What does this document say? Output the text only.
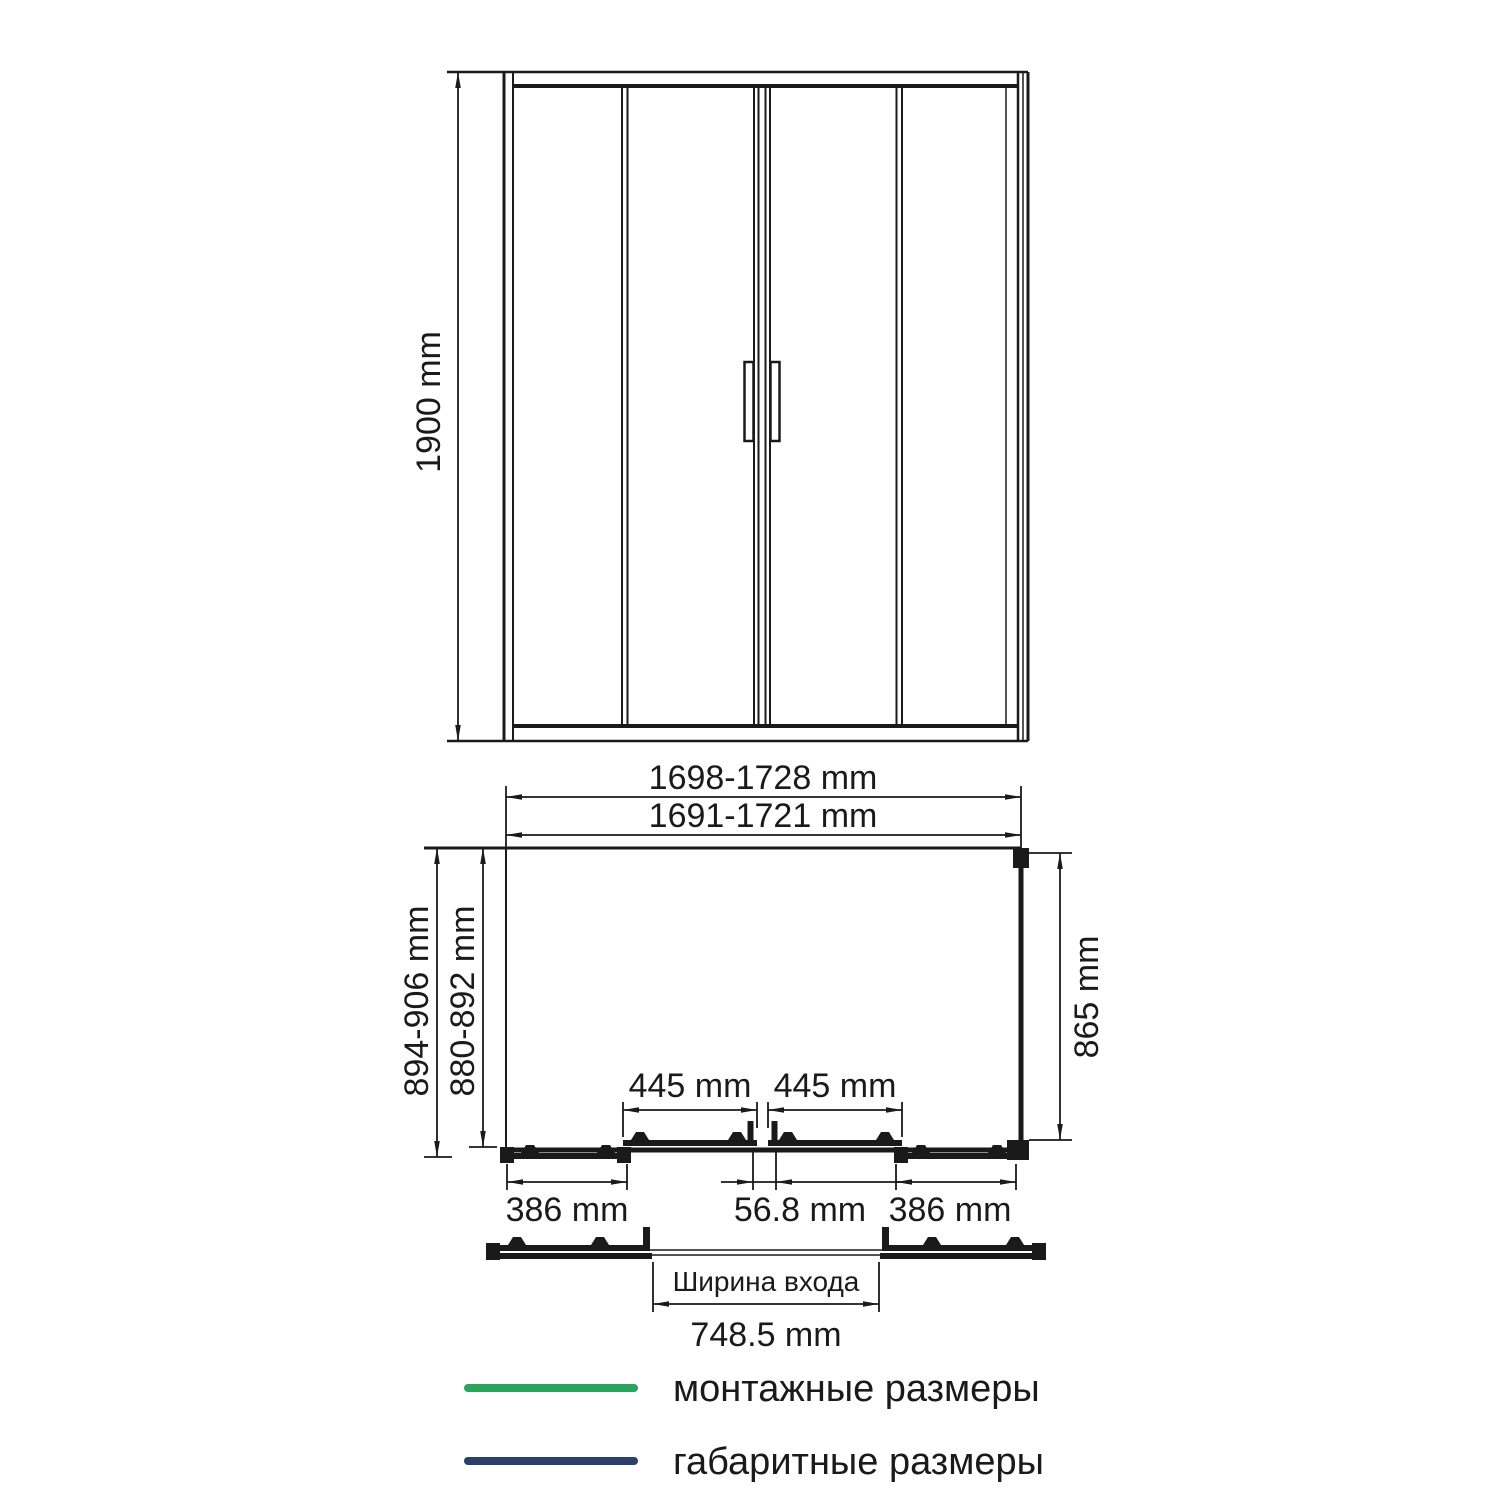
1900 mm
1698-1728 mm
1691-1721 mm
894-906 mm 880-892 mm	865 mm
445 mm 445 mm
386 mm	56.8 mm 386 mm
Ширина входа
748.5 mm
монтажные размеры
габаритные размеры
